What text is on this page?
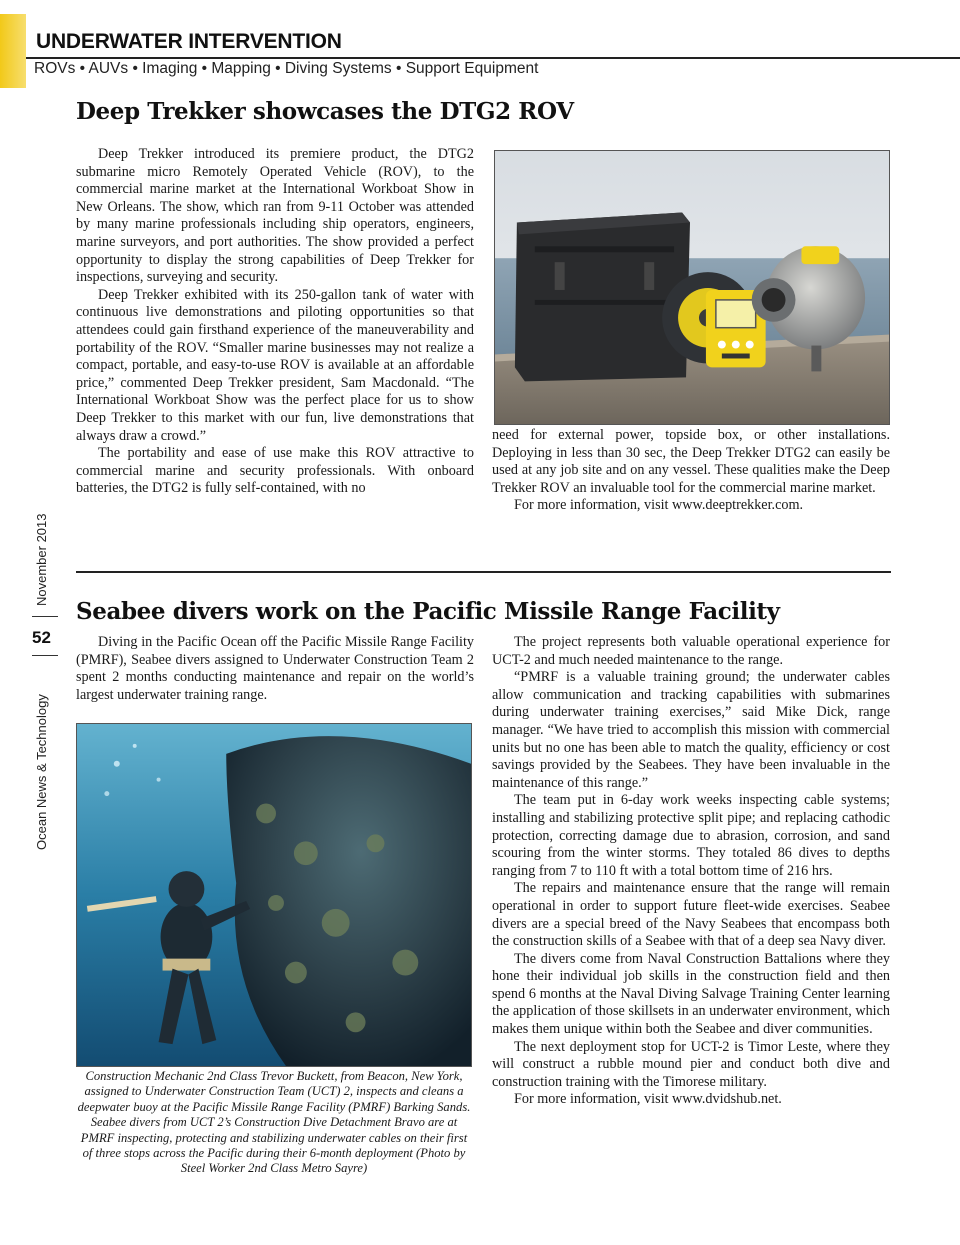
UNDERWATER INTERVENTION
ROVs • AUVs • Imaging • Mapping • Diving Systems • Support Equipment
November 2013
52
Ocean News & Technology
Deep Trekker showcases the DTG2 ROV

Deep Trekker introduced its premiere product, the DTG2 submarine micro Remotely Operated Vehicle (ROV), to the commercial marine market at the International Workboat Show in New Orleans. The show, which ran from 9-11 October was attended by many marine professionals including ship operators, engineers, marine surveyors, and port authorities. The show provided a perfect opportunity to display the strong capabilities of Deep Trekker for inspections, surveying and security.

Deep Trekker exhibited with its 250-gallon tank of water with continuous live demonstrations and piloting opportunities so that attendees could gain firsthand experience of the maneuverability and portability of the ROV. “Smaller marine businesses may not realize a compact, portable, and easy-to-use ROV is available at an affordable price,” commented Deep Trekker president, Sam Macdonald. “The International Workboat Show was the perfect place for us to show Deep Trekker to this market with our fun, live demonstrations that always draw a crowd.”

The portability and ease of use make this ROV attractive to commercial marine and security professionals. With onboard batteries, the DTG2 is fully self-contained, with no

need for external power, topside box, or other installations. Deploying in less than 30 sec, the Deep Trekker DTG2 can easily be used at any job site and on any vessel. These qualities make the Deep Trekker ROV an invaluable tool for the commercial marine market.

For more information, visit www.deeptrekker.com.

Seabee divers work on the Pacific Missile Range Facility

Diving in the Pacific Ocean off the Pacific Missile Range Facility (PMRF), Seabee divers assigned to Underwater Construction Team 2 spent 2 months conducting maintenance and repair on the world’s largest underwater training range.

Construction Mechanic 2nd Class Trevor Buckett, from Beacon, New York, assigned to Underwater Construction Team (UCT) 2, inspects and cleans a deepwater buoy at the Pacific Missile Range Facility (PMRF) Barking Sands. Seabee divers from UCT 2’s Construction Dive Detachment Bravo are at PMRF inspecting, protecting and stabilizing underwater cables on their first of three stops across the Pacific during their 6-month deployment (Photo by Steel Worker 2nd Class Metro Sayre)

The project represents both valuable operational experience for UCT-2 and much needed maintenance to the range.

“PMRF is a valuable training ground; the underwater cables allow communication and tracking capabilities with submarines during underwater training exercises,” said Mike Dick, range manager. “We have tried to accomplish this mission with commercial units but no one has been able to match the quality, efficiency or cost savings provided by the Seabees. They have been invaluable in the maintenance of this range.”

The team put in 6-day work weeks inspecting cable systems; installing and stabilizing protective split pipe; and replacing cathodic protection, correcting damage due to abrasion, corrosion, and sand scouring from the winter storms. They totaled 86 dives to depths ranging from 7 to 110 ft with a total bottom time of 216 hrs.

The repairs and maintenance ensure that the range will remain operational in order to support future fleet-wide exercises. Seabee divers are a special breed of the Navy Seabees that encompass both the construction skills of a Seabee with that of a deep sea Navy diver.

The divers come from Naval Construction Battalions where they hone their individual job skills in the construction field and then spend 6 months at the Naval Diving Salvage Training Center learning the application of those skillsets in an underwater environment, which makes them unique within both the Seabee and diver communities.

The next deployment stop for UCT-2 is Timor Leste, where they will construct a rubble mound pier and conduct both dive and construction training with the Timorese military.

For more information, visit www.dvidshub.net.
